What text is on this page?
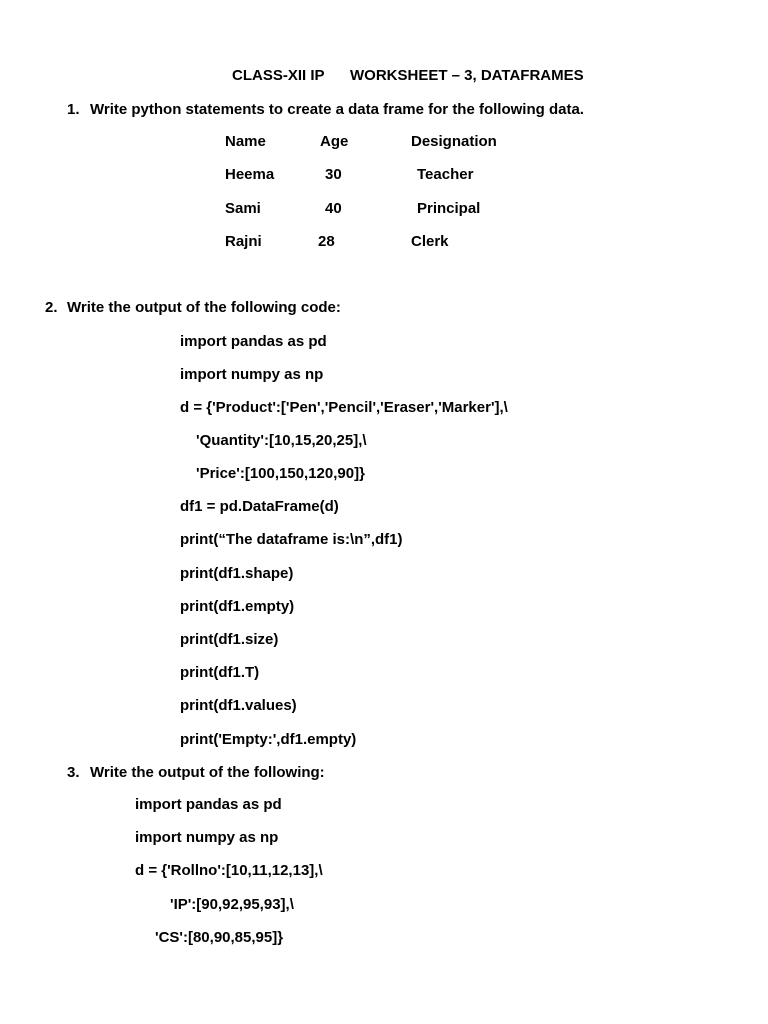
CLASS-XII IP WORKSHEET – 3, DATAFRAMES
1. Write python statements to create a data frame for the following data.
Name	Age	Designation
Heema	30	Teacher
Sami	40	Principal
Rajni	28	Clerk
2. Write the output of the following code:
import pandas as pd
import numpy as np
d = {'Product':['Pen','Pencil','Eraser','Marker'],\
'Quantity':[10,15,20,25],\
'Price':[100,150,120,90]}
df1 = pd.DataFrame(d)
print(“The dataframe is:\n”,df1)
print(df1.shape)
print(df1.empty)
print(df1.size)
print(df1.T)
print(df1.values)
print('Empty:',df1.empty)
3. Write the output of the following:
import pandas as pd
import numpy as np
d = {'Rollno':[10,11,12,13],\
'IP':[90,92,95,93],\
'CS':[80,90,85,95]}
